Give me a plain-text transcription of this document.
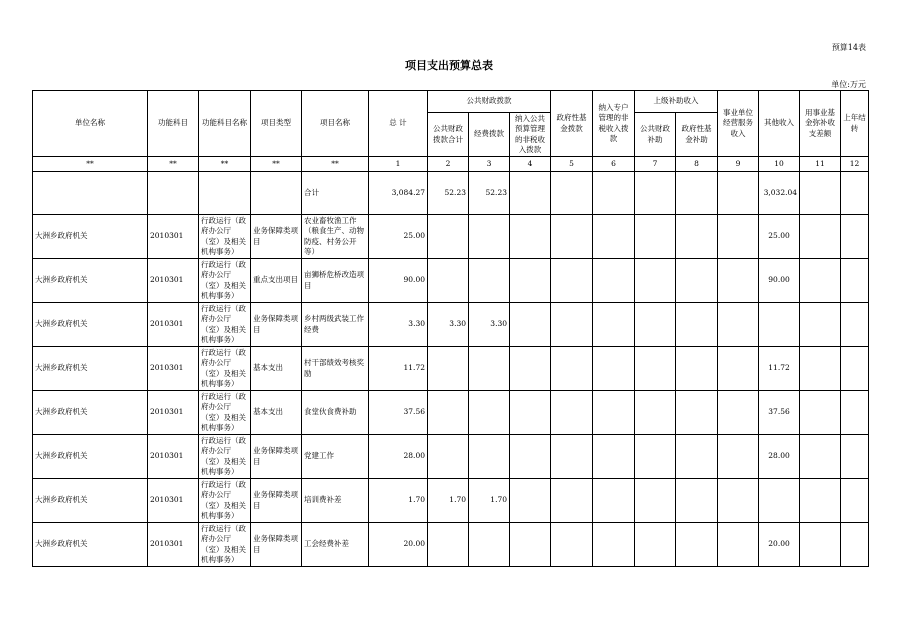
预算14表
项目支出预算总表
单位:万元
单位名称	功能科目	功能科目名称	项目类型	项目名称	总 计	公共财政拨款			政府性基金拨款	纳入专户管理的非税收入拨款	上级补助收入		事业单位经营服务收入	其他收入	用事业基金弥补收支差额	上年结转
						公共财政拨款合计	经费拨款	纳入公共预算管理的非税收入拨款			公共财政补助	政府性基金补助				
**	**	**	**	**	1	2	3	4	5	6	7	8	9	10	11	12
				合计	3,084.27	52.23	52.23							3,032.04		
大洲乡政府机关	2010301	行政运行（政府办公厅（室）及相关机构事务）	业务保障类项目	农业畜牧渔工作（粮食生产、动物防疫、村务公开等）	25.00									25.00		
大洲乡政府机关	2010301	行政运行（政府办公厅（室）及相关机构事务）	重点支出项目	亩狮桥危桥改造项目	90.00									90.00		
大洲乡政府机关	2010301	行政运行（政府办公厅（室）及相关机构事务）	业务保障类项目	乡村两级武装工作经费	3.30	3.30	3.30									
大洲乡政府机关	2010301	行政运行（政府办公厅（室）及相关机构事务）	基本支出	村干部绩效考核奖励	11.72									11.72		
大洲乡政府机关	2010301	行政运行（政府办公厅（室）及相关机构事务）	基本支出	食堂伙食费补助	37.56									37.56		
大洲乡政府机关	2010301	行政运行（政府办公厅（室）及相关机构事务）	业务保障类项目	党建工作	28.00									28.00		
大洲乡政府机关	2010301	行政运行（政府办公厅（室）及相关机构事务）	业务保障类项目	培训费补差	1.70	1.70	1.70									
大洲乡政府机关	2010301	行政运行（政府办公厅（室）及相关机构事务）	业务保障类项目	工会经费补差	20.00									20.00		
